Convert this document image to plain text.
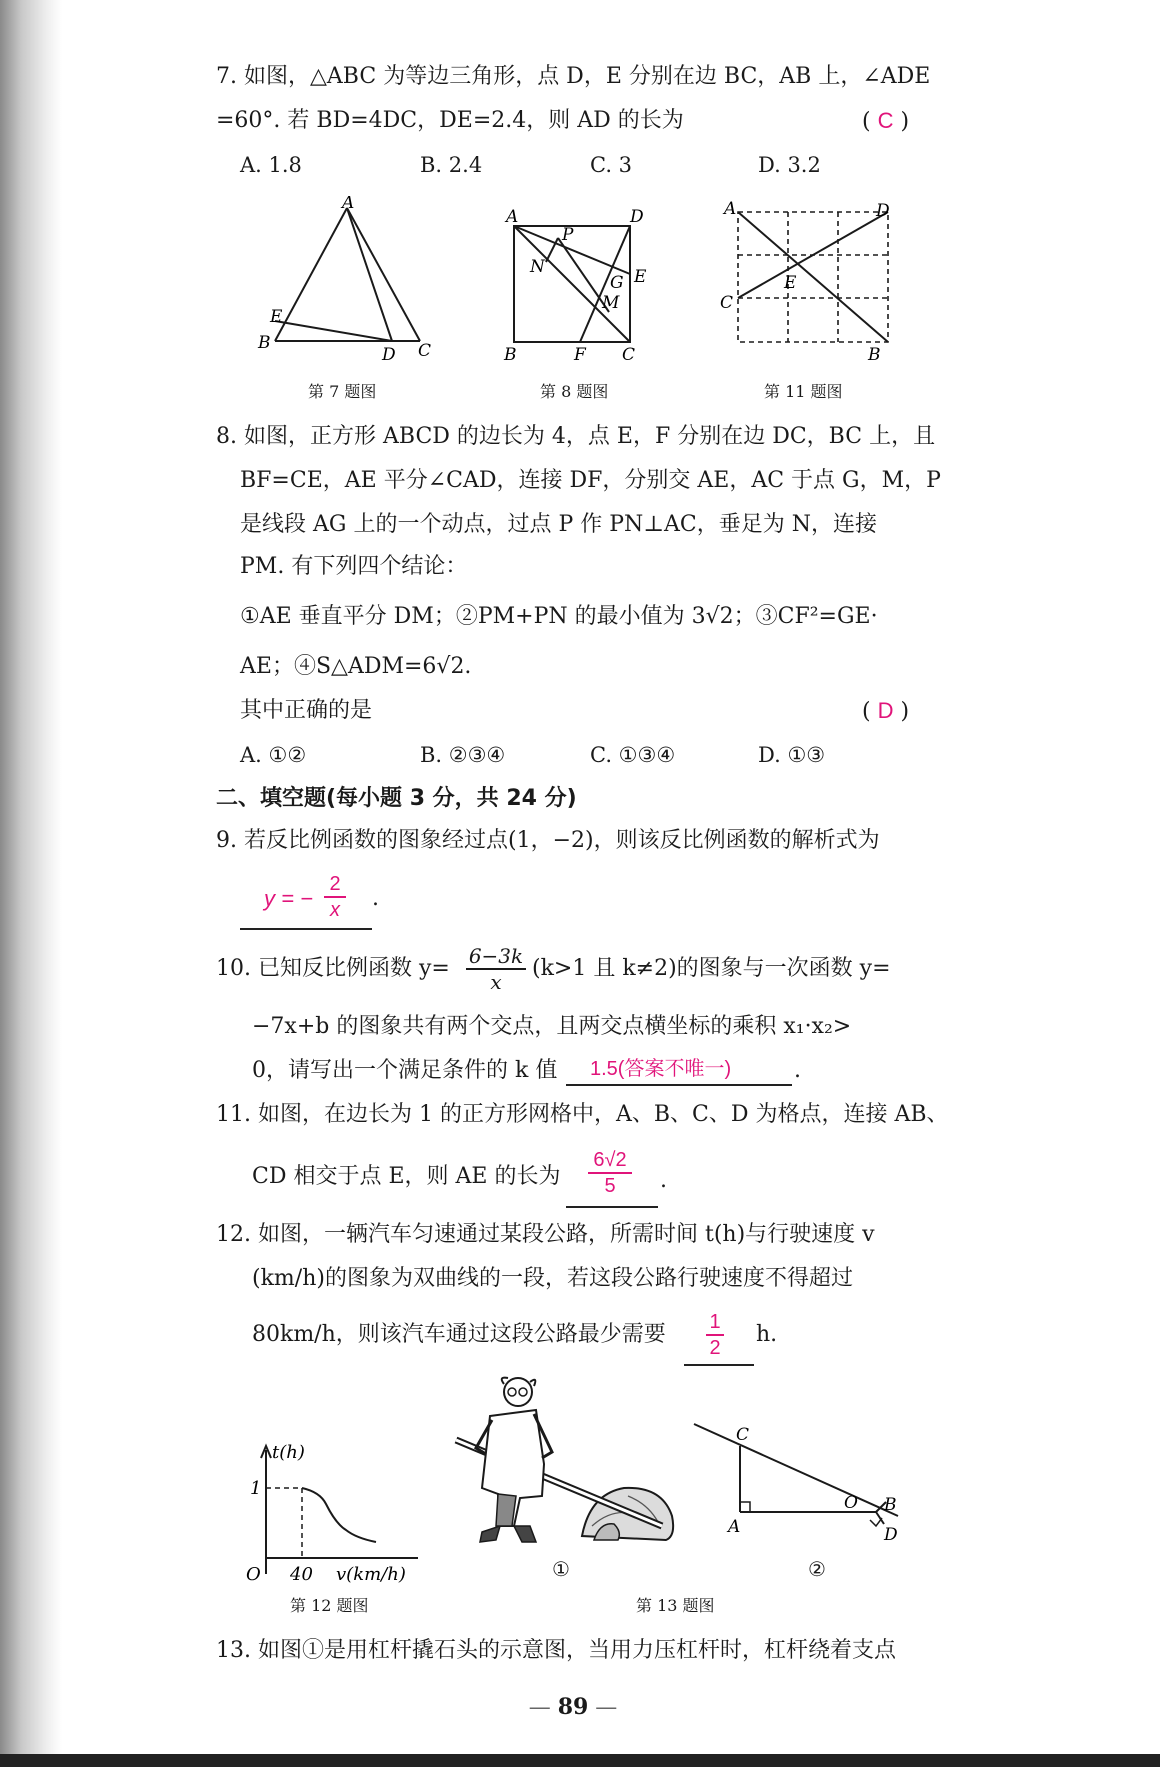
7. 如图，△ABC 为等边三角形，点 D，E 分别在边 BC，AB 上，∠ADE
=60°. 若 BD=4DC，DE=2.4，则 AD 的长为	( C )
A. 1.8	B. 2.4	C. 3	D. 3.2
A
E
B
D C
第 7 题图
A	D
P
N
G E
M
B	F C
第 8 题图
A	D
E
C
B
第 11 题图
8. 如图，正方形 ABCD 的边长为 4，点 E，F 分别在边 DC，BC 上，且
BF=CE，AE 平分∠CAD，连接 DF，分别交 AE，AC 于点 G，M，P
是线段 AG 上的一个动点，过点 P 作 PN⊥AC，垂足为 N，连接
PM. 有下列四个结论：
①AE 垂直平分 DM；②PM+PN 的最小值为 3√2；③CF²=GE·
AE；④S△ADM=6√2.
其中正确的是	( D )
A. ①②	B. ②③④	C. ①③④	D. ①③
二、填空题(每小题 3 分，共 24 分)
9. 若反比例函数的图象经过点(1，−2)，则该反比例函数的解析式为
y = −
2
x .
10. 已知反比例函数 y= 6−3k
x
(k>1 且 k≠2)的图象与一次函数 y=
−7x+b 的图象共有两个交点，且两交点横坐标的乘积 x₁·x₂>
0，请写出一个满足条件的 k 值 1.5(答案不唯一)	.
11. 如图，在边长为 1 的正方形网格中，A、B、C、D 为格点，连接 AB、
CD 相交于点 E，则 AE 的长为
6√2
5 .
12. 如图，一辆汽车匀速通过某段公路，所需时间 t(h)与行驶速度 v
(km/h)的图象为双曲线的一段，若这段公路行驶速度不得超过
80km/h，则该汽车通过这段公路最少需要 1
2
h.
t(h)
O 40
1
v(km/h)
第 12 题图
①
C
O B
A	D
②
第 13 题图
13. 如图①是用杠杆撬石头的示意图，当用力压杠杆时，杠杆绕着支点
— 89 —
